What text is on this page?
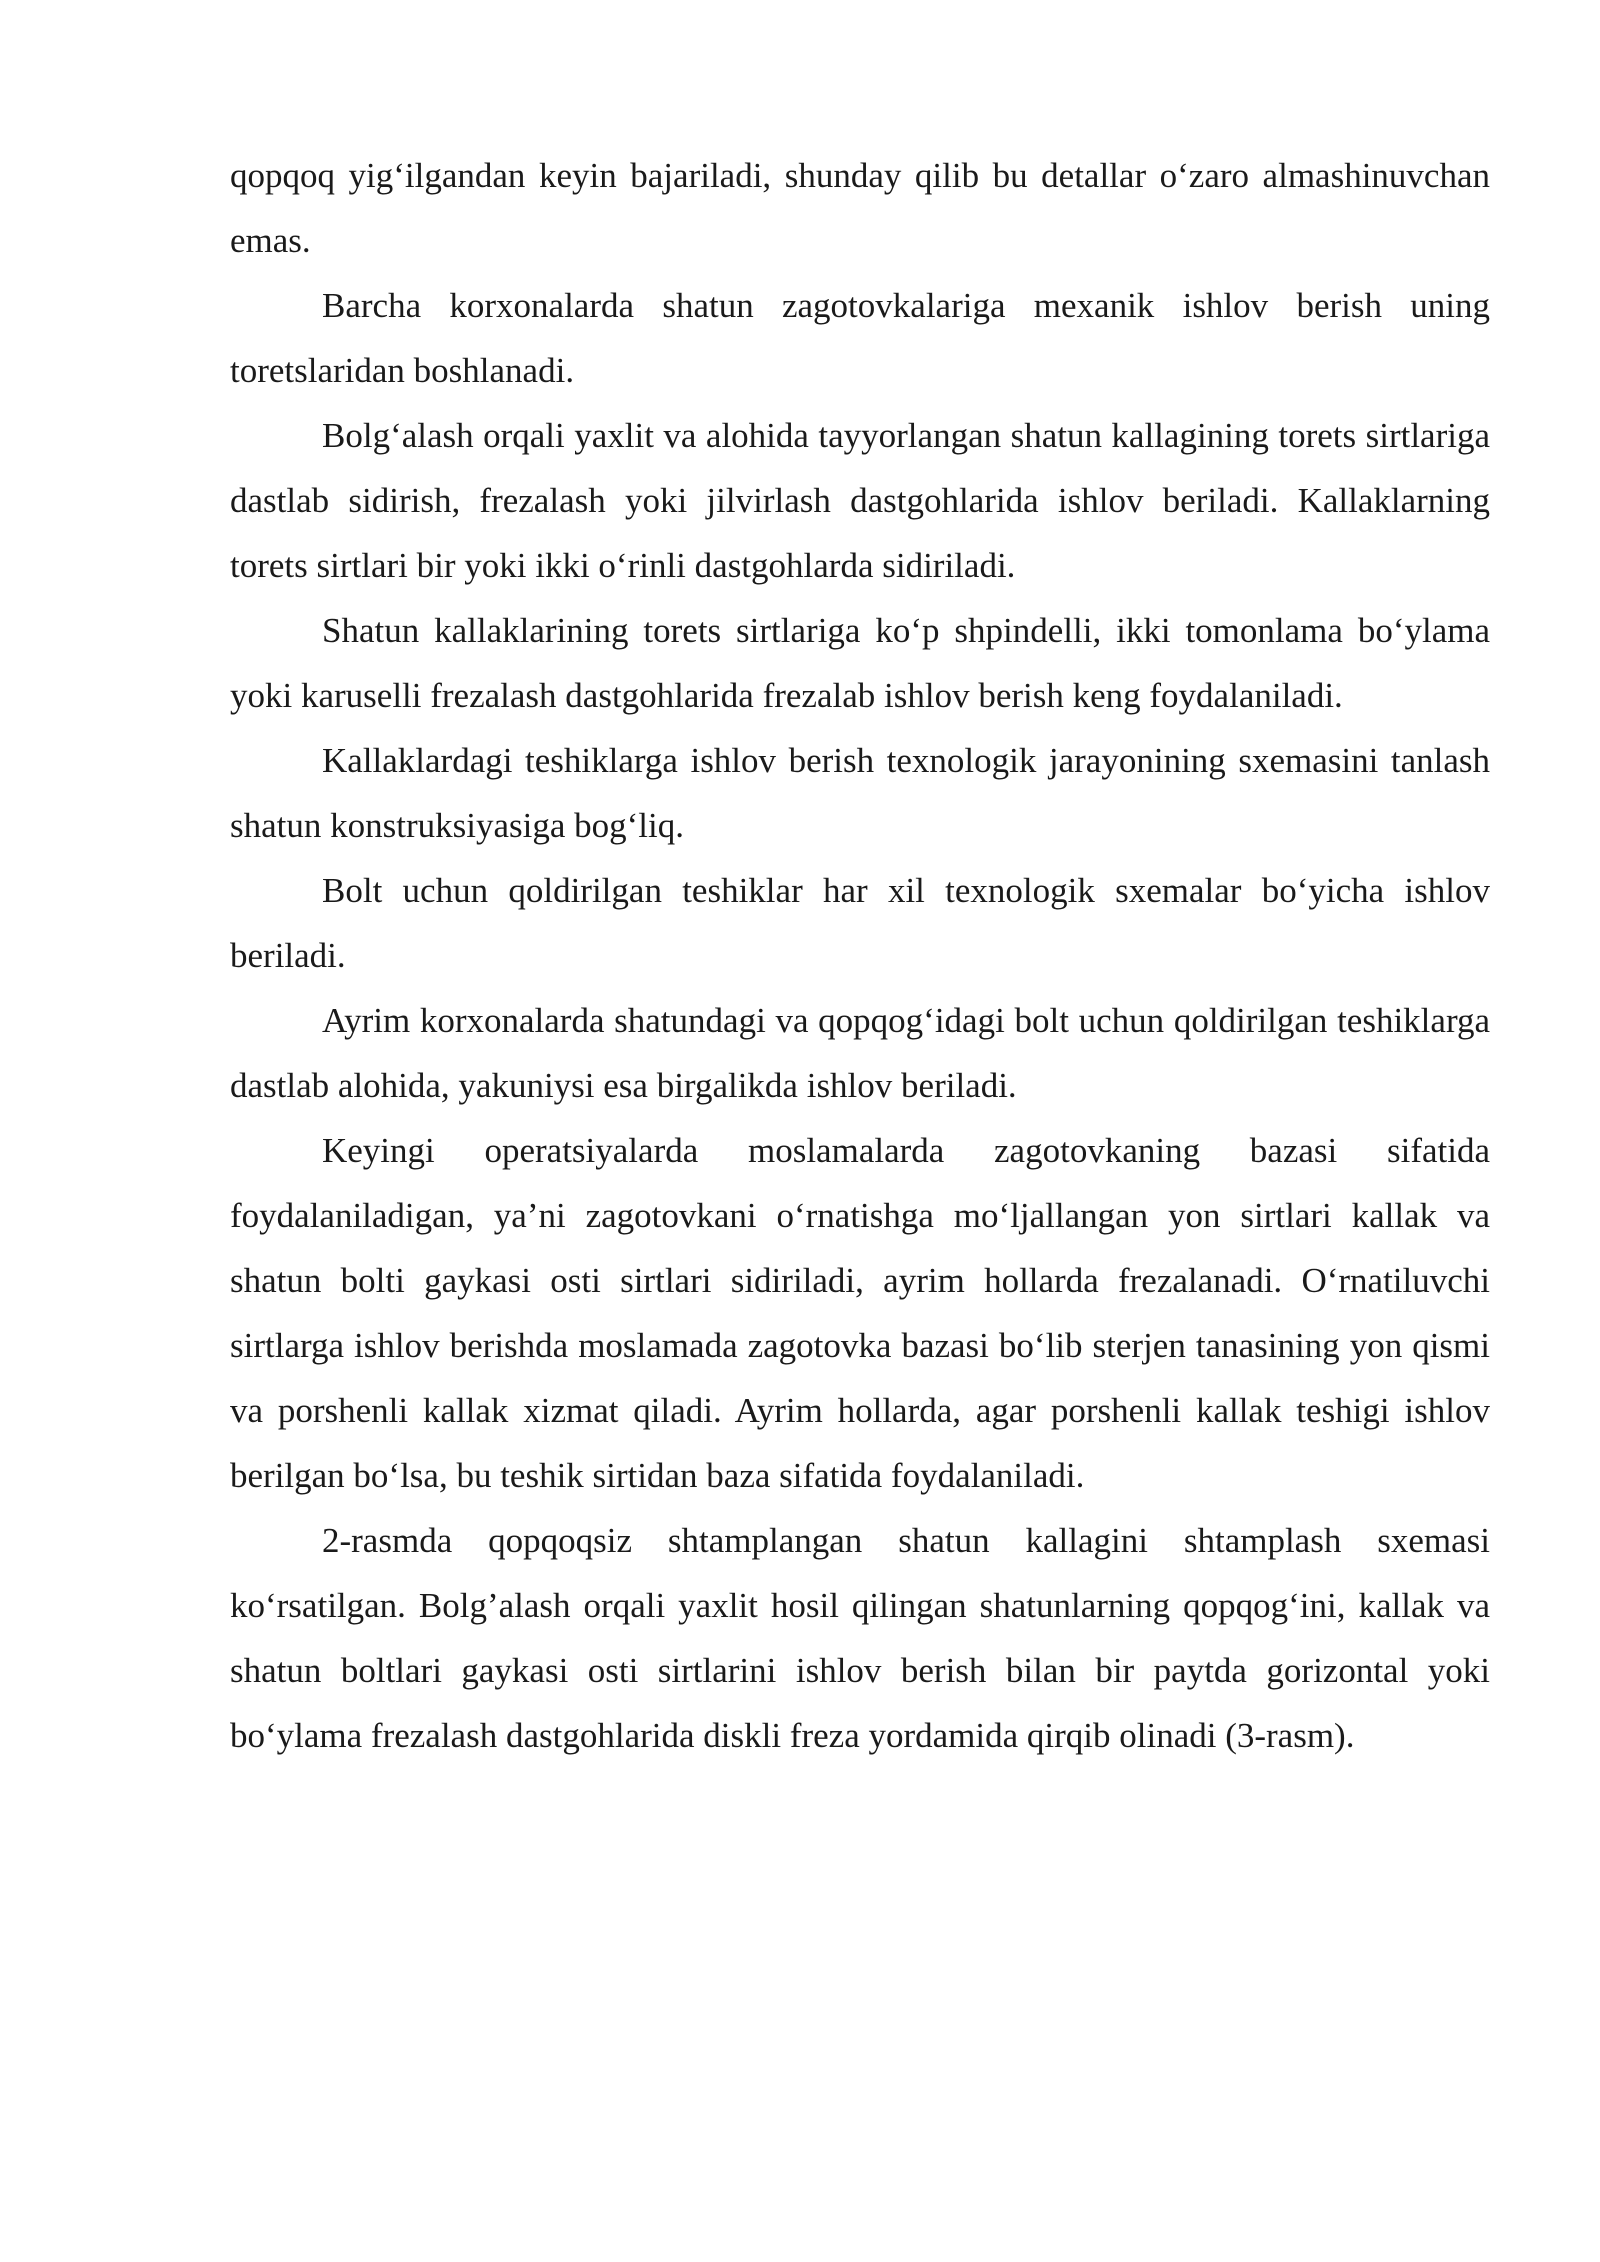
qopqoq yig‘ilgandan keyin bajariladi, shunday qilib bu detallar o‘zaro almashinuvchan emas.

Barcha korxonalarda shatun zagotovkalariga mexanik ishlov berish uning toretslaridan boshlanadi.

Bolg‘alash orqali yaxlit va alohida tayyorlangan shatun kallagining torets sirtlariga dastlab sidirish, frezalash yoki jilvirlash dastgohlarida ishlov beriladi. Kallaklarning torets sirtlari bir yoki ikki o‘rinli dastgohlarda sidiriladi.

Shatun kallaklarining torets sirtlariga ko‘p shpindelli, ikki tomonlama bo‘ylama yoki karuselli frezalash dastgohlarida frezalab ishlov berish keng foydalaniladi.

Kallaklardagi teshiklarga ishlov berish texnologik jarayonining sxemasini tanlash shatun konstruksiyasiga bog‘liq.

Bolt uchun qoldirilgan teshiklar har xil texnologik sxemalar bo‘yicha ishlov beriladi.

Ayrim korxonalarda shatundagi va qopqog‘idagi bolt uchun qoldirilgan teshiklarga dastlab alohida, yakuniysi esa birgalikda ishlov beriladi.

Keyingi operatsiyalarda moslamalarda zagotovkaning bazasi sifatida foydalaniladigan, ya’ni zagotovkani o‘rnatishga mo‘ljallangan yon sirtlari kallak va shatun bolti gaykasi osti sirtlari sidiriladi, ayrim hollarda frezalanadi. O‘rnatiluvchi sirtlarga ishlov berishda moslamada zagotovka bazasi bo‘lib sterjen tanasining yon qismi va porshenli kallak xizmat qiladi. Ayrim hollarda, agar porshenli kallak teshigi ishlov berilgan bo‘lsa, bu teshik sirtidan baza sifatida foydalaniladi.

2-rasmda qopqoqsiz shtamplangan shatun kallagini shtamplash sxemasi ko‘rsatilgan. Bolg’alash orqali yaxlit hosil qilingan shatunlarning qopqog‘ini, kallak va shatun boltlari gaykasi osti sirtlarini ishlov berish bilan bir paytda gorizontal yoki bo‘ylama frezalash dastgohlarida diskli freza yordamida qirqib olinadi (3-rasm).
